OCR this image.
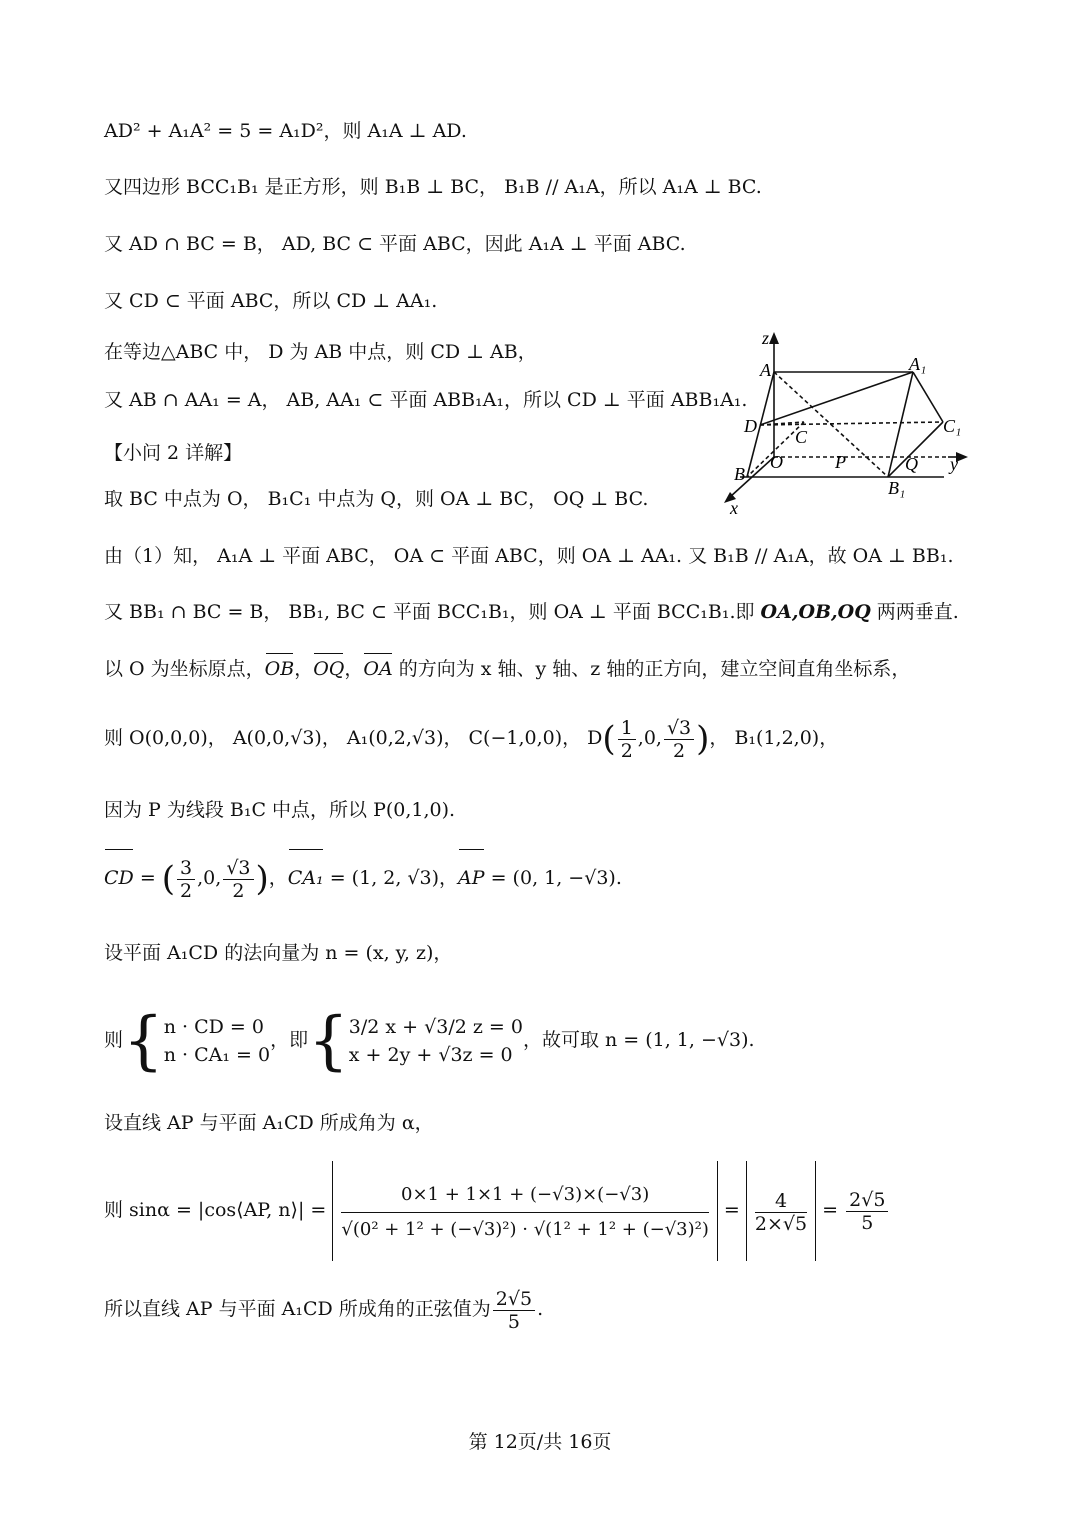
AD² + A₁A² = 5 = A₁D²，则 A₁A ⊥ AD.
又四边形 BCC₁B₁ 是正方形，则 B₁B ⊥ BC， B₁B // A₁A，所以 A₁A ⊥ BC.
又 AD ∩ BC = B， AD, BC ⊂ 平面 ABC，因此 A₁A ⊥ 平面 ABC.
又 CD ⊂ 平面 ABC，所以 CD ⊥ AA₁.
在等边△ABC 中， D 为 AB 中点，则 CD ⊥ AB，
又 AB ∩ AA₁ = A， AB, AA₁ ⊂ 平面 ABB₁A₁，所以 CD ⊥ 平面 ABB₁A₁.
【小问 2 详解】
取 BC 中点为 O， B₁C₁ 中点为 Q，则 OA ⊥ BC， OQ ⊥ BC.
由（1）知， A₁A ⊥ 平面 ABC， OA ⊂ 平面 ABC，则 OA ⊥ AA₁. 又 B₁B // A₁A，故 OA ⊥ BB₁.
又 BB₁ ∩ BC = B， BB₁, BC ⊂ 平面 BCC₁B₁，则 OA ⊥ 平面 BCC₁B₁.即 OA,OB,OQ 两两垂直.
以 O 为坐标原点，OB，OQ，OA 的方向为 x 轴、y 轴、z 轴的正方向，建立空间直角坐标系，
则 O(0,0,0)， A(0,0,√3)， A₁(0,2,√3)， C(−1,0,0)， $D( \frac{1}{2} ,0$, $\frac{√3}{2}$ )， B₁(1,2,0)，
因为 P 为线段 B₁C 中点，所以 P(0,1,0).
CD = ( $\frac{3}{2} ,0$, $\frac{√3}{2}$ )，CA₁ = (1, 2, √3)，AP = (0, 1, −√3).
设平面 A₁CD 的法向量为 n = (x, y, z)，
则{ n · CD = 0
n · CA₁ = 0
，即{ 3/2 x + √3/2 z = 0
x + 2y + √3z = 0
，故可取 n = (1, 1, −√3).
设直线 AP 与平面 A₁CD 所成角为 α，
则 sinα = |cos⟨AP, n⟩| = $\frac{0\times 1 + 1\times 1 + (-√3)\times(-√3)}{\text{√(0² + 1² + (−√3)²) · √(1² + 1² + (−√3)²)}} = \frac{4}{2\times√5} = \frac{2√5}{5}$
所以直线 AP 与平面 A₁CD 所成角的正弦值为 $\frac{2√5}{5}$ .
z
A	A₁
D
C
C₁
B
O	P	Q y
B₁
x
第 12页/共 16页
